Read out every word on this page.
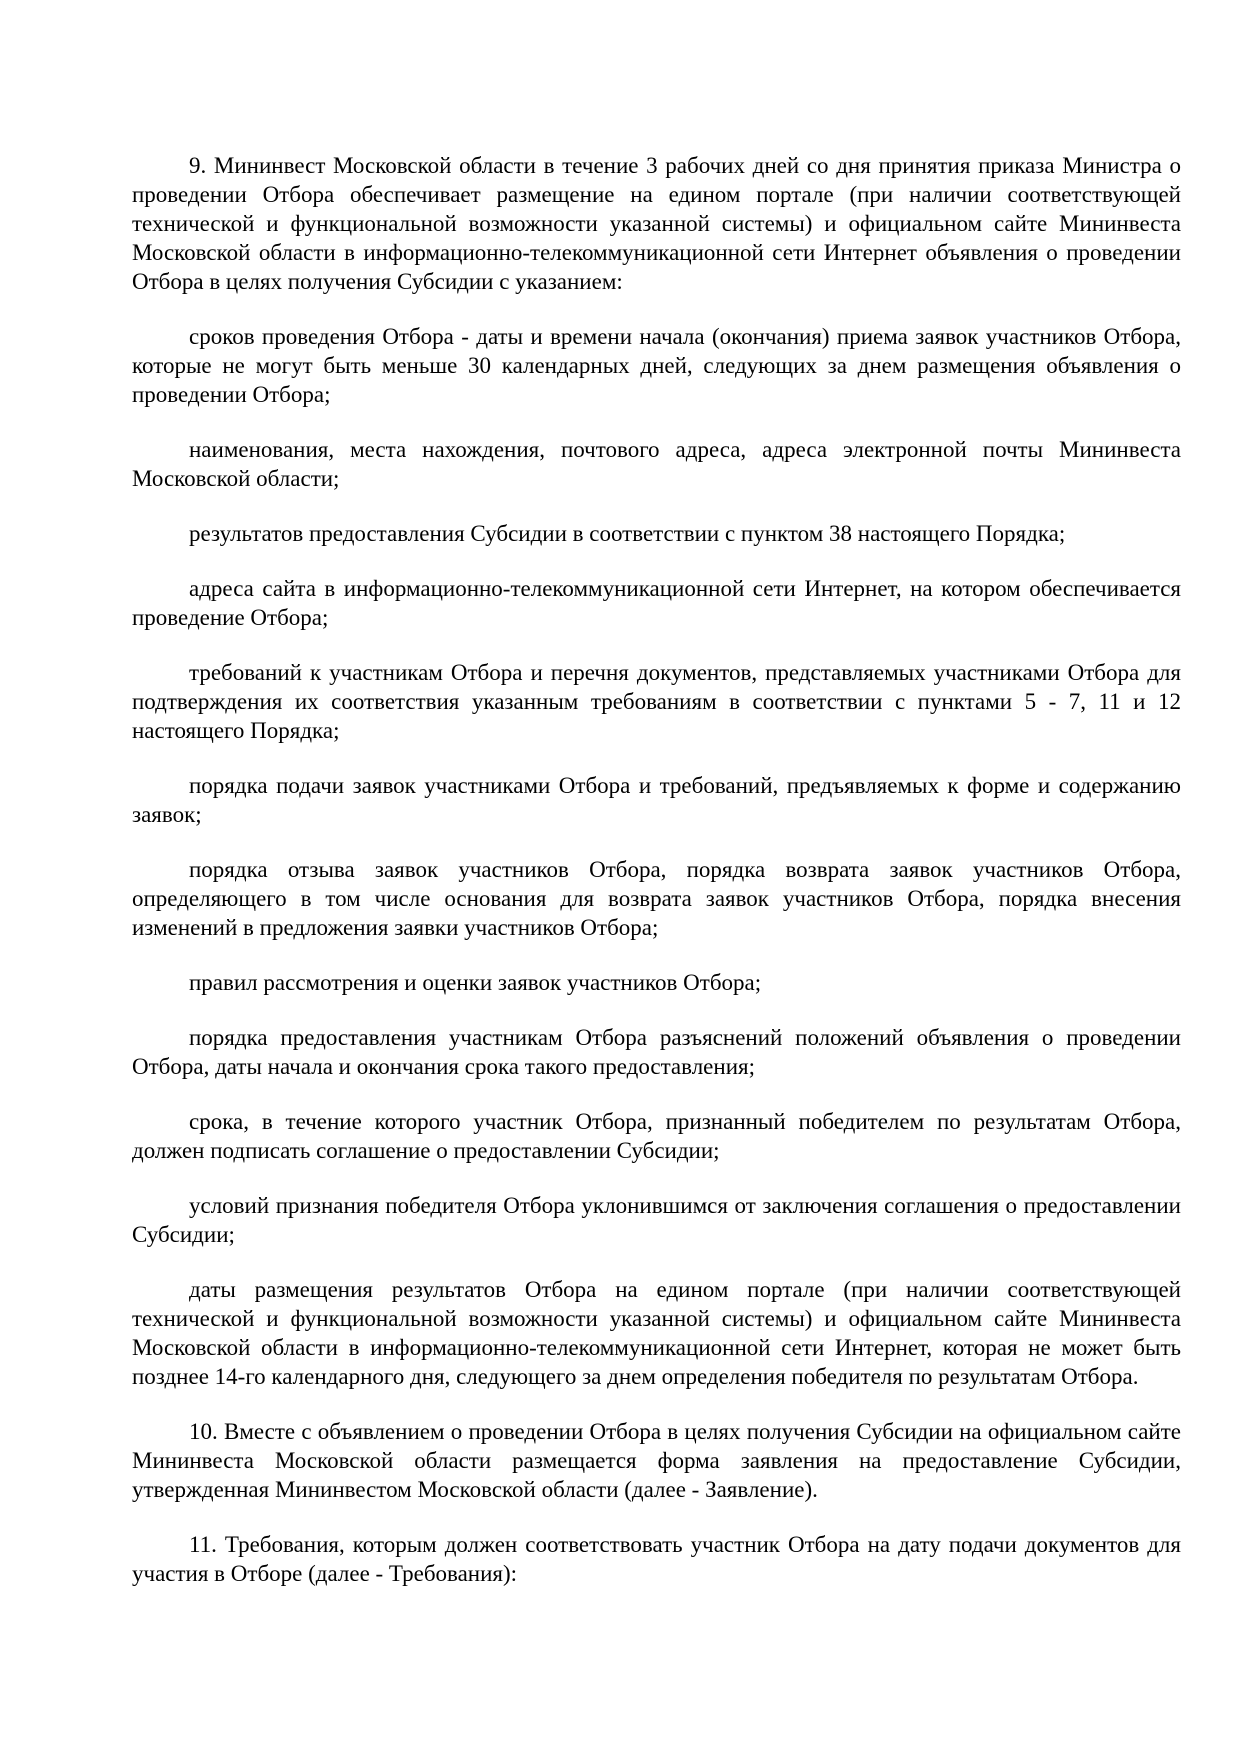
9. Мининвест Московской области в течение 3 рабочих дней со дня принятия приказа Министра о проведении Отбора обеспечивает размещение на едином портале (при наличии соответствующей технической и функциональной возможности указанной системы) и официальном сайте Мининвеста Московской области в информационно-телекоммуникационной сети Интернет объявления о проведении Отбора в целях получения Субсидии с указанием:

сроков проведения Отбора - даты и времени начала (окончания) приема заявок участников Отбора, которые не могут быть меньше 30 календарных дней, следующих за днем размещения объявления о проведении Отбора;

наименования, места нахождения, почтового адреса, адреса электронной почты Мининвеста Московской области;

результатов предоставления Субсидии в соответствии с пунктом 38 настоящего Порядка;

адреса сайта в информационно-телекоммуникационной сети Интернет, на котором обеспечивается проведение Отбора;

требований к участникам Отбора и перечня документов, представляемых участниками Отбора для подтверждения их соответствия указанным требованиям в соответствии с пунктами 5 - 7, 11 и 12 настоящего Порядка;

порядка подачи заявок участниками Отбора и требований, предъявляемых к форме и содержанию заявок;

порядка отзыва заявок участников Отбора, порядка возврата заявок участников Отбора, определяющего в том числе основания для возврата заявок участников Отбора, порядка внесения изменений в предложения заявки участников Отбора;

правил рассмотрения и оценки заявок участников Отбора;

порядка предоставления участникам Отбора разъяснений положений объявления о проведении Отбора, даты начала и окончания срока такого предоставления;

срока, в течение которого участник Отбора, признанный победителем по результатам Отбора, должен подписать соглашение о предоставлении Субсидии;

условий признания победителя Отбора уклонившимся от заключения соглашения о предоставлении Субсидии;

даты размещения результатов Отбора на едином портале (при наличии соответствующей технической и функциональной возможности указанной системы) и официальном сайте Мининвеста Московской области в информационно-телекоммуникационной сети Интернет, которая не может быть позднее 14-го календарного дня, следующего за днем определения победителя по результатам Отбора.

10. Вместе с объявлением о проведении Отбора в целях получения Субсидии на официальном сайте Мининвеста Московской области размещается форма заявления на предоставление Субсидии, утвержденная Мининвестом Московской области (далее - Заявление).

11. Требования, которым должен соответствовать участник Отбора на дату подачи документов для участия в Отборе (далее - Требования):
